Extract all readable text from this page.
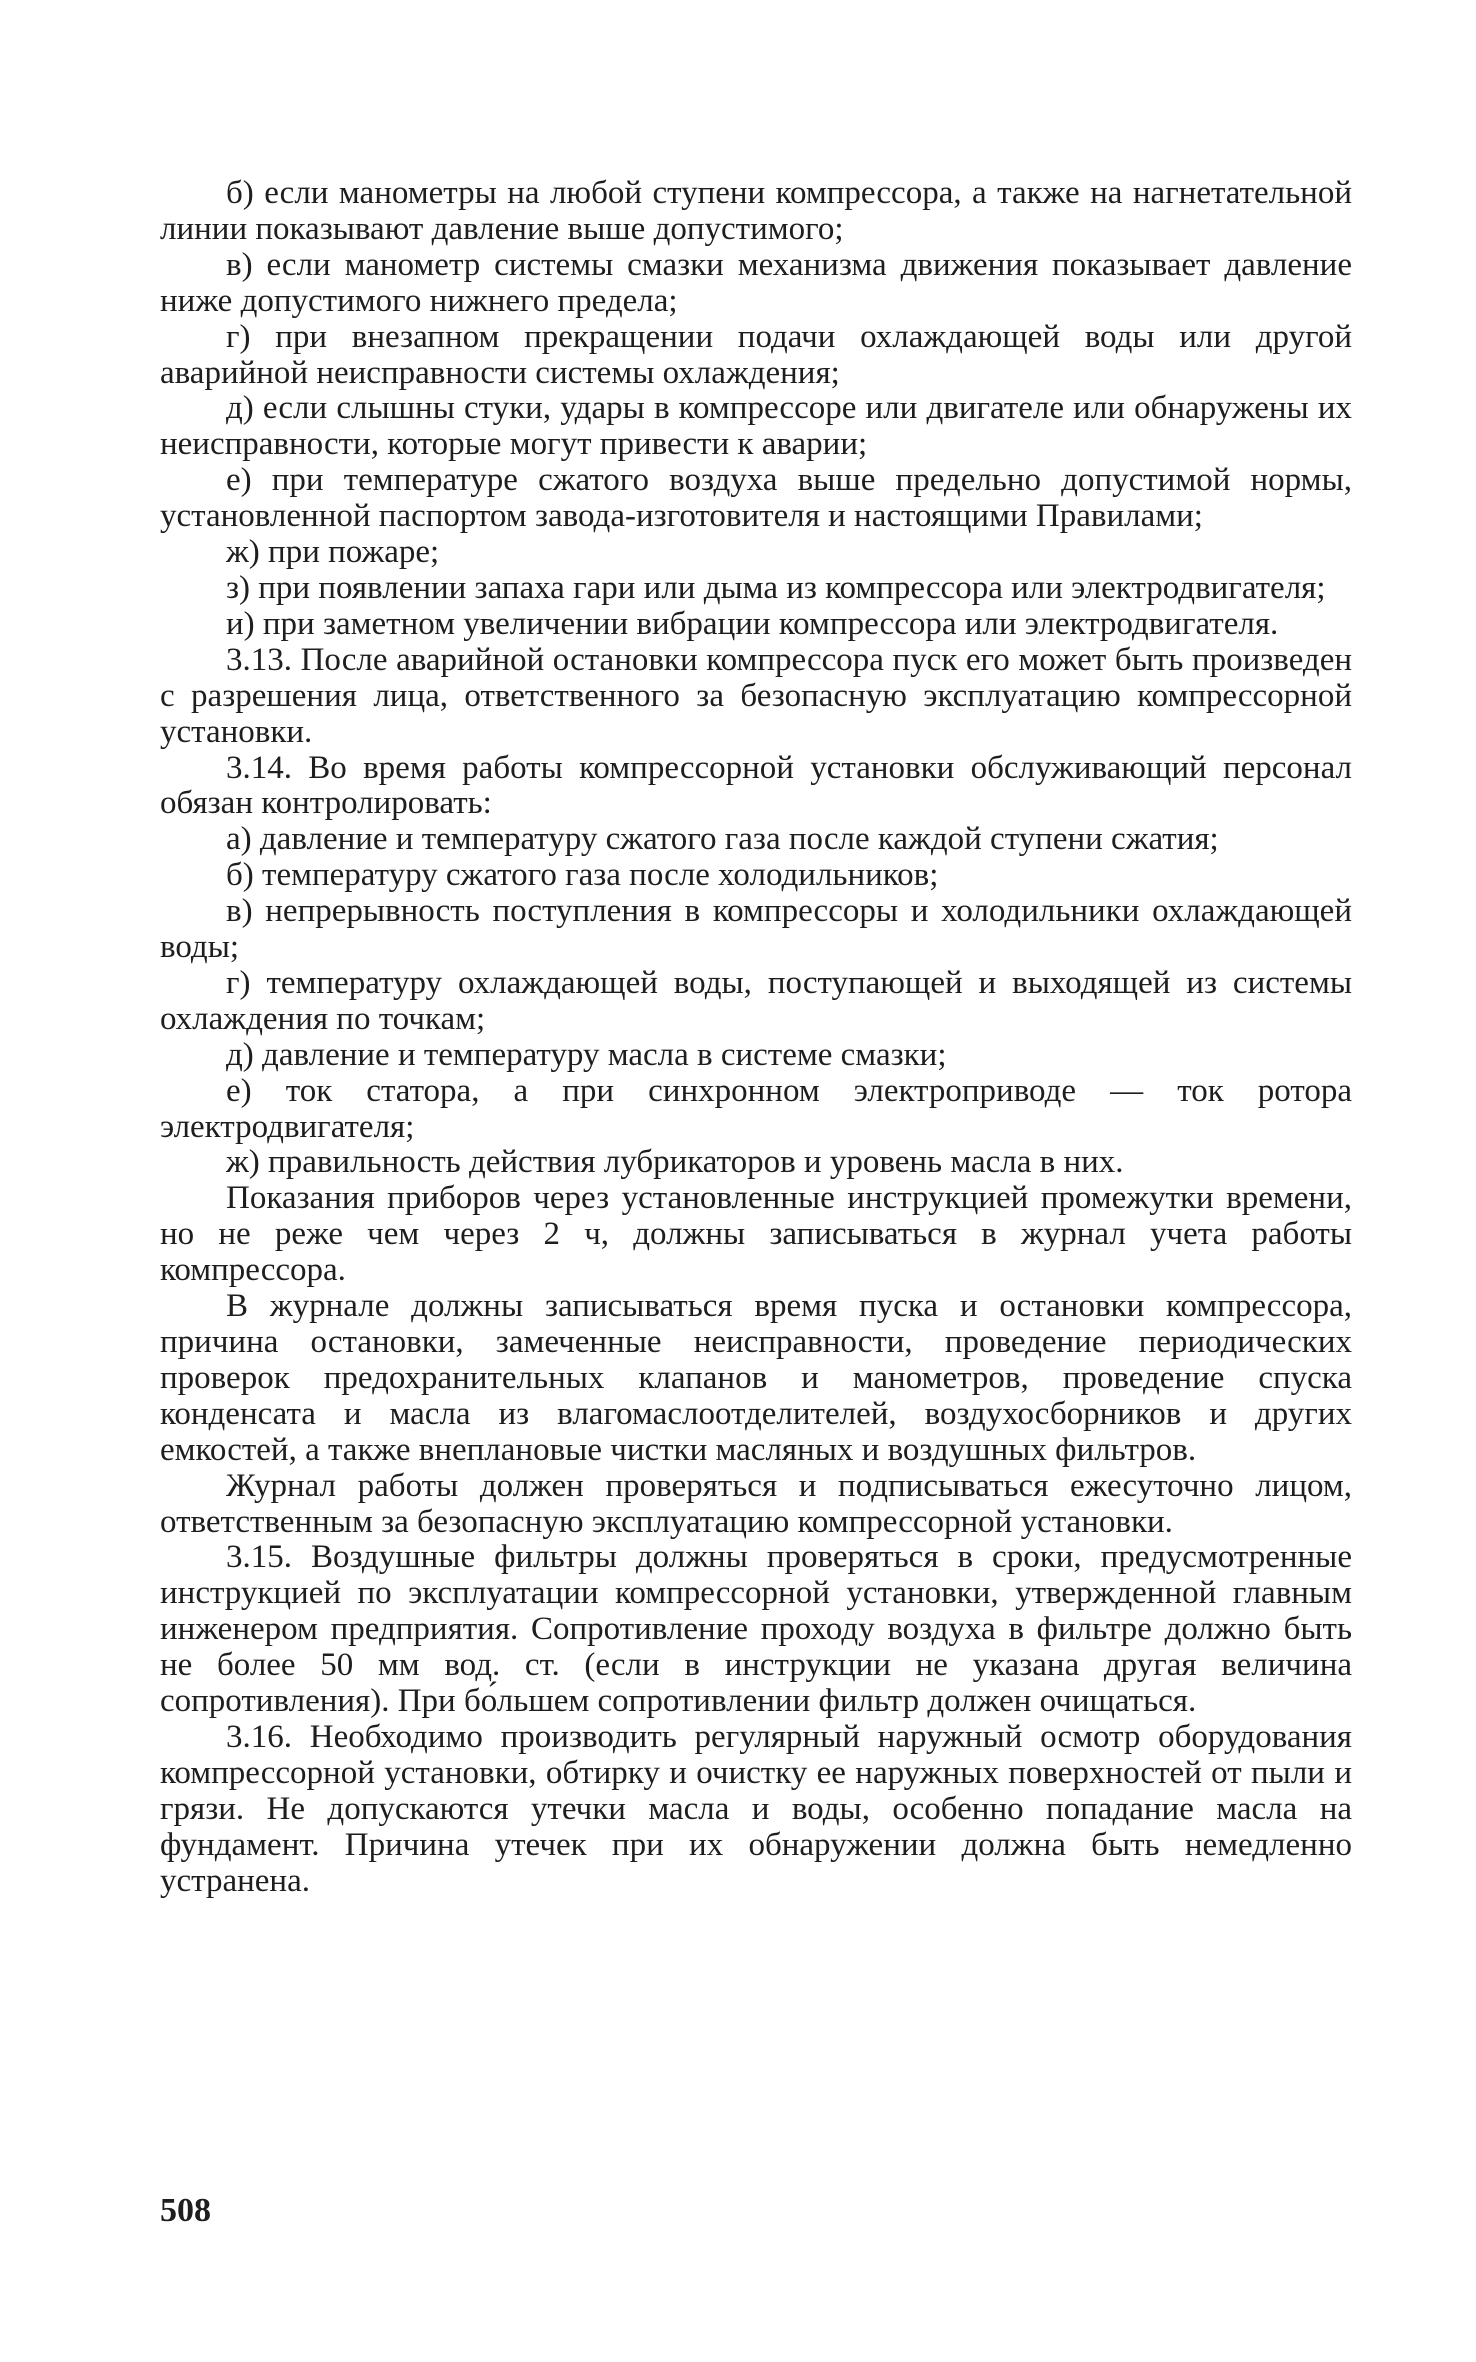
б) если манометры на любой ступени компрессора, а также на нагнетательной линии показывают давление выше допустимого;

в) если манометр системы смазки механизма движения показывает давление ниже допустимого нижнего предела;

г) при внезапном прекращении подачи охлаждающей воды или другой аварийной неисправности системы охлаждения;

д) если слышны стуки, удары в компрессоре или двигателе или обнаружены их неисправности, которые могут привести к аварии;

е) при температуре сжатого воздуха выше предельно допустимой нормы, установленной паспортом завода-изготовителя и настоящими Правилами;

ж) при пожаре;

з) при появлении запаха гари или дыма из компрессора или электродвигателя;

и) при заметном увеличении вибрации компрессора или электродвигателя.

3.13. После аварийной остановки компрессора пуск его может быть произведен с разрешения лица, ответственного за безопасную эксплуатацию компрессорной установки.

3.14. Во время работы компрессорной установки обслуживающий персонал обязан контролировать:

а) давление и температуру сжатого газа после каждой ступени сжатия;

б) температуру сжатого газа после холодильников;

в) непрерывность поступления в компрессоры и холодильники охлаждающей воды;

г) температуру охлаждающей воды, поступающей и выходящей из системы охлаждения по точкам;

д) давление и температуру масла в системе смазки;

е) ток статора, а при синхронном электроприводе — ток ротора электродвигателя;

ж) правильность действия лубрикаторов и уровень масла в них.

Показания приборов через установленные инструкцией промежутки времени, но не реже чем через 2 ч, должны записываться в журнал учета работы компрессора.

В журнале должны записываться время пуска и остановки компрессора, причина остановки, замеченные неисправности, проведение периодических проверок предохранительных клапанов и манометров, проведение спуска конденсата и масла из влагомаслоотделителей, воздухосборников и других емкостей, а также внеплановые чистки масляных и воздушных фильтров.

Журнал работы должен проверяться и подписываться ежесуточно лицом, ответственным за безопасную эксплуатацию компрессорной установки.

3.15. Воздушные фильтры должны проверяться в сроки, предусмотренные инструкцией по эксплуатации компрессорной установки, утвержденной главным инженером предприятия. Сопротивление проходу воздуха в фильтре должно быть не более 50 мм вод. ст. (если в инструкции не указана другая величина сопротивления). При бо́льшем сопротивлении фильтр должен очищаться.

3.16. Необходимо производить регулярный наружный осмотр оборудования компрессорной установки, обтирку и очистку ее наружных поверхностей от пыли и грязи. Не допускаются утечки масла и воды, особенно попадание масла на фундамент. Причина утечек при их обнаружении должна быть немедленно устранена.

508
